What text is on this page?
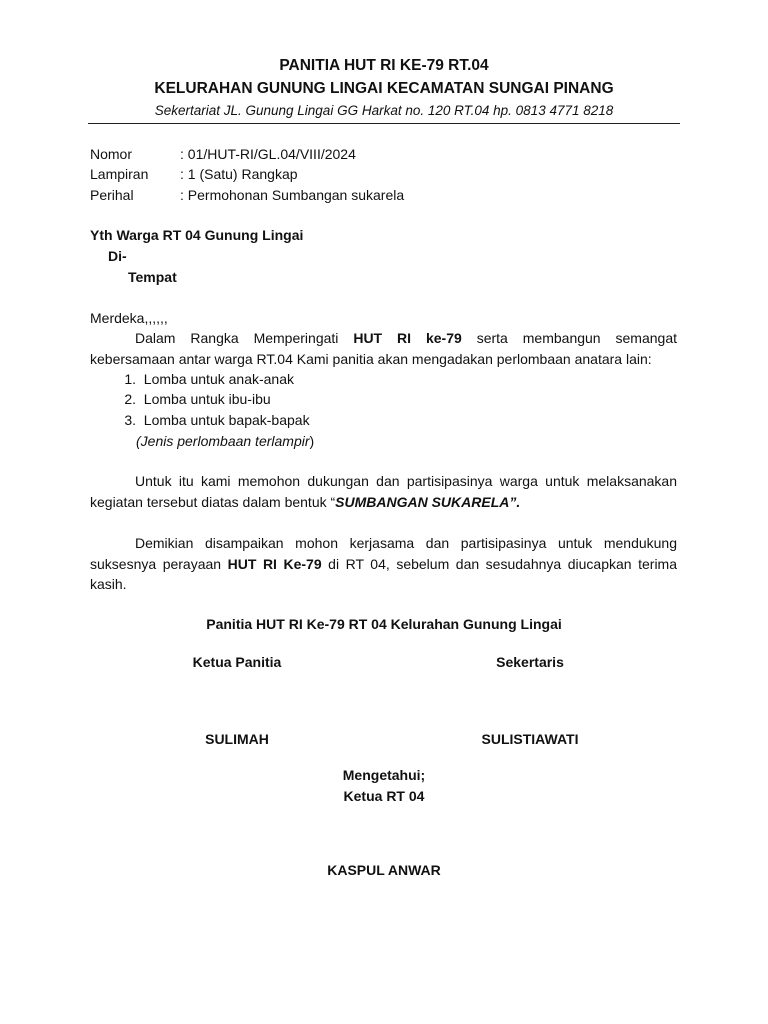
PANITIA HUT RI KE-79 RT.04
KELURAHAN GUNUNG LINGAI KECAMATAN SUNGAI PINANG
Sekertariat JL. Gunung Lingai GG Harkat no. 120 RT.04 hp. 0813 4771 8218
Nomor	: 01/HUT-RI/GL.04/VIII/2024
Lampiran : 1 (Satu) Rangkap
Perihal	: Permohonan Sumbangan sukarela
Yth Warga RT 04 Gunung Lingai
Di-
Tempat
Merdeka,,,,,,
Dalam Rangka Memperingati HUT RI ke-79 serta membangun semangat kebersamaan antar warga RT.04 Kami panitia akan mengadakan perlombaan anatara lain:
1. Lomba untuk anak-anak
2. Lomba untuk ibu-ibu
3. Lomba untuk bapak-bapak
(Jenis perlombaan terlampir)
Untuk itu kami memohon dukungan dan partisipasinya warga untuk melaksanakan kegiatan tersebut diatas dalam bentuk “SUMBANGAN SUKARELA”.
Demikian disampaikan mohon kerjasama dan partisipasinya untuk mendukung suksesnya perayaan HUT RI Ke-79 di RT 04, sebelum dan sesudahnya diucapkan terima kasih.
Panitia HUT RI Ke-79 RT 04 Kelurahan Gunung Lingai
Ketua Panitia	Sekertaris
SULIMAH	SULISTIAWATI
Mengetahui;
Ketua RT 04
KASPUL ANWAR
